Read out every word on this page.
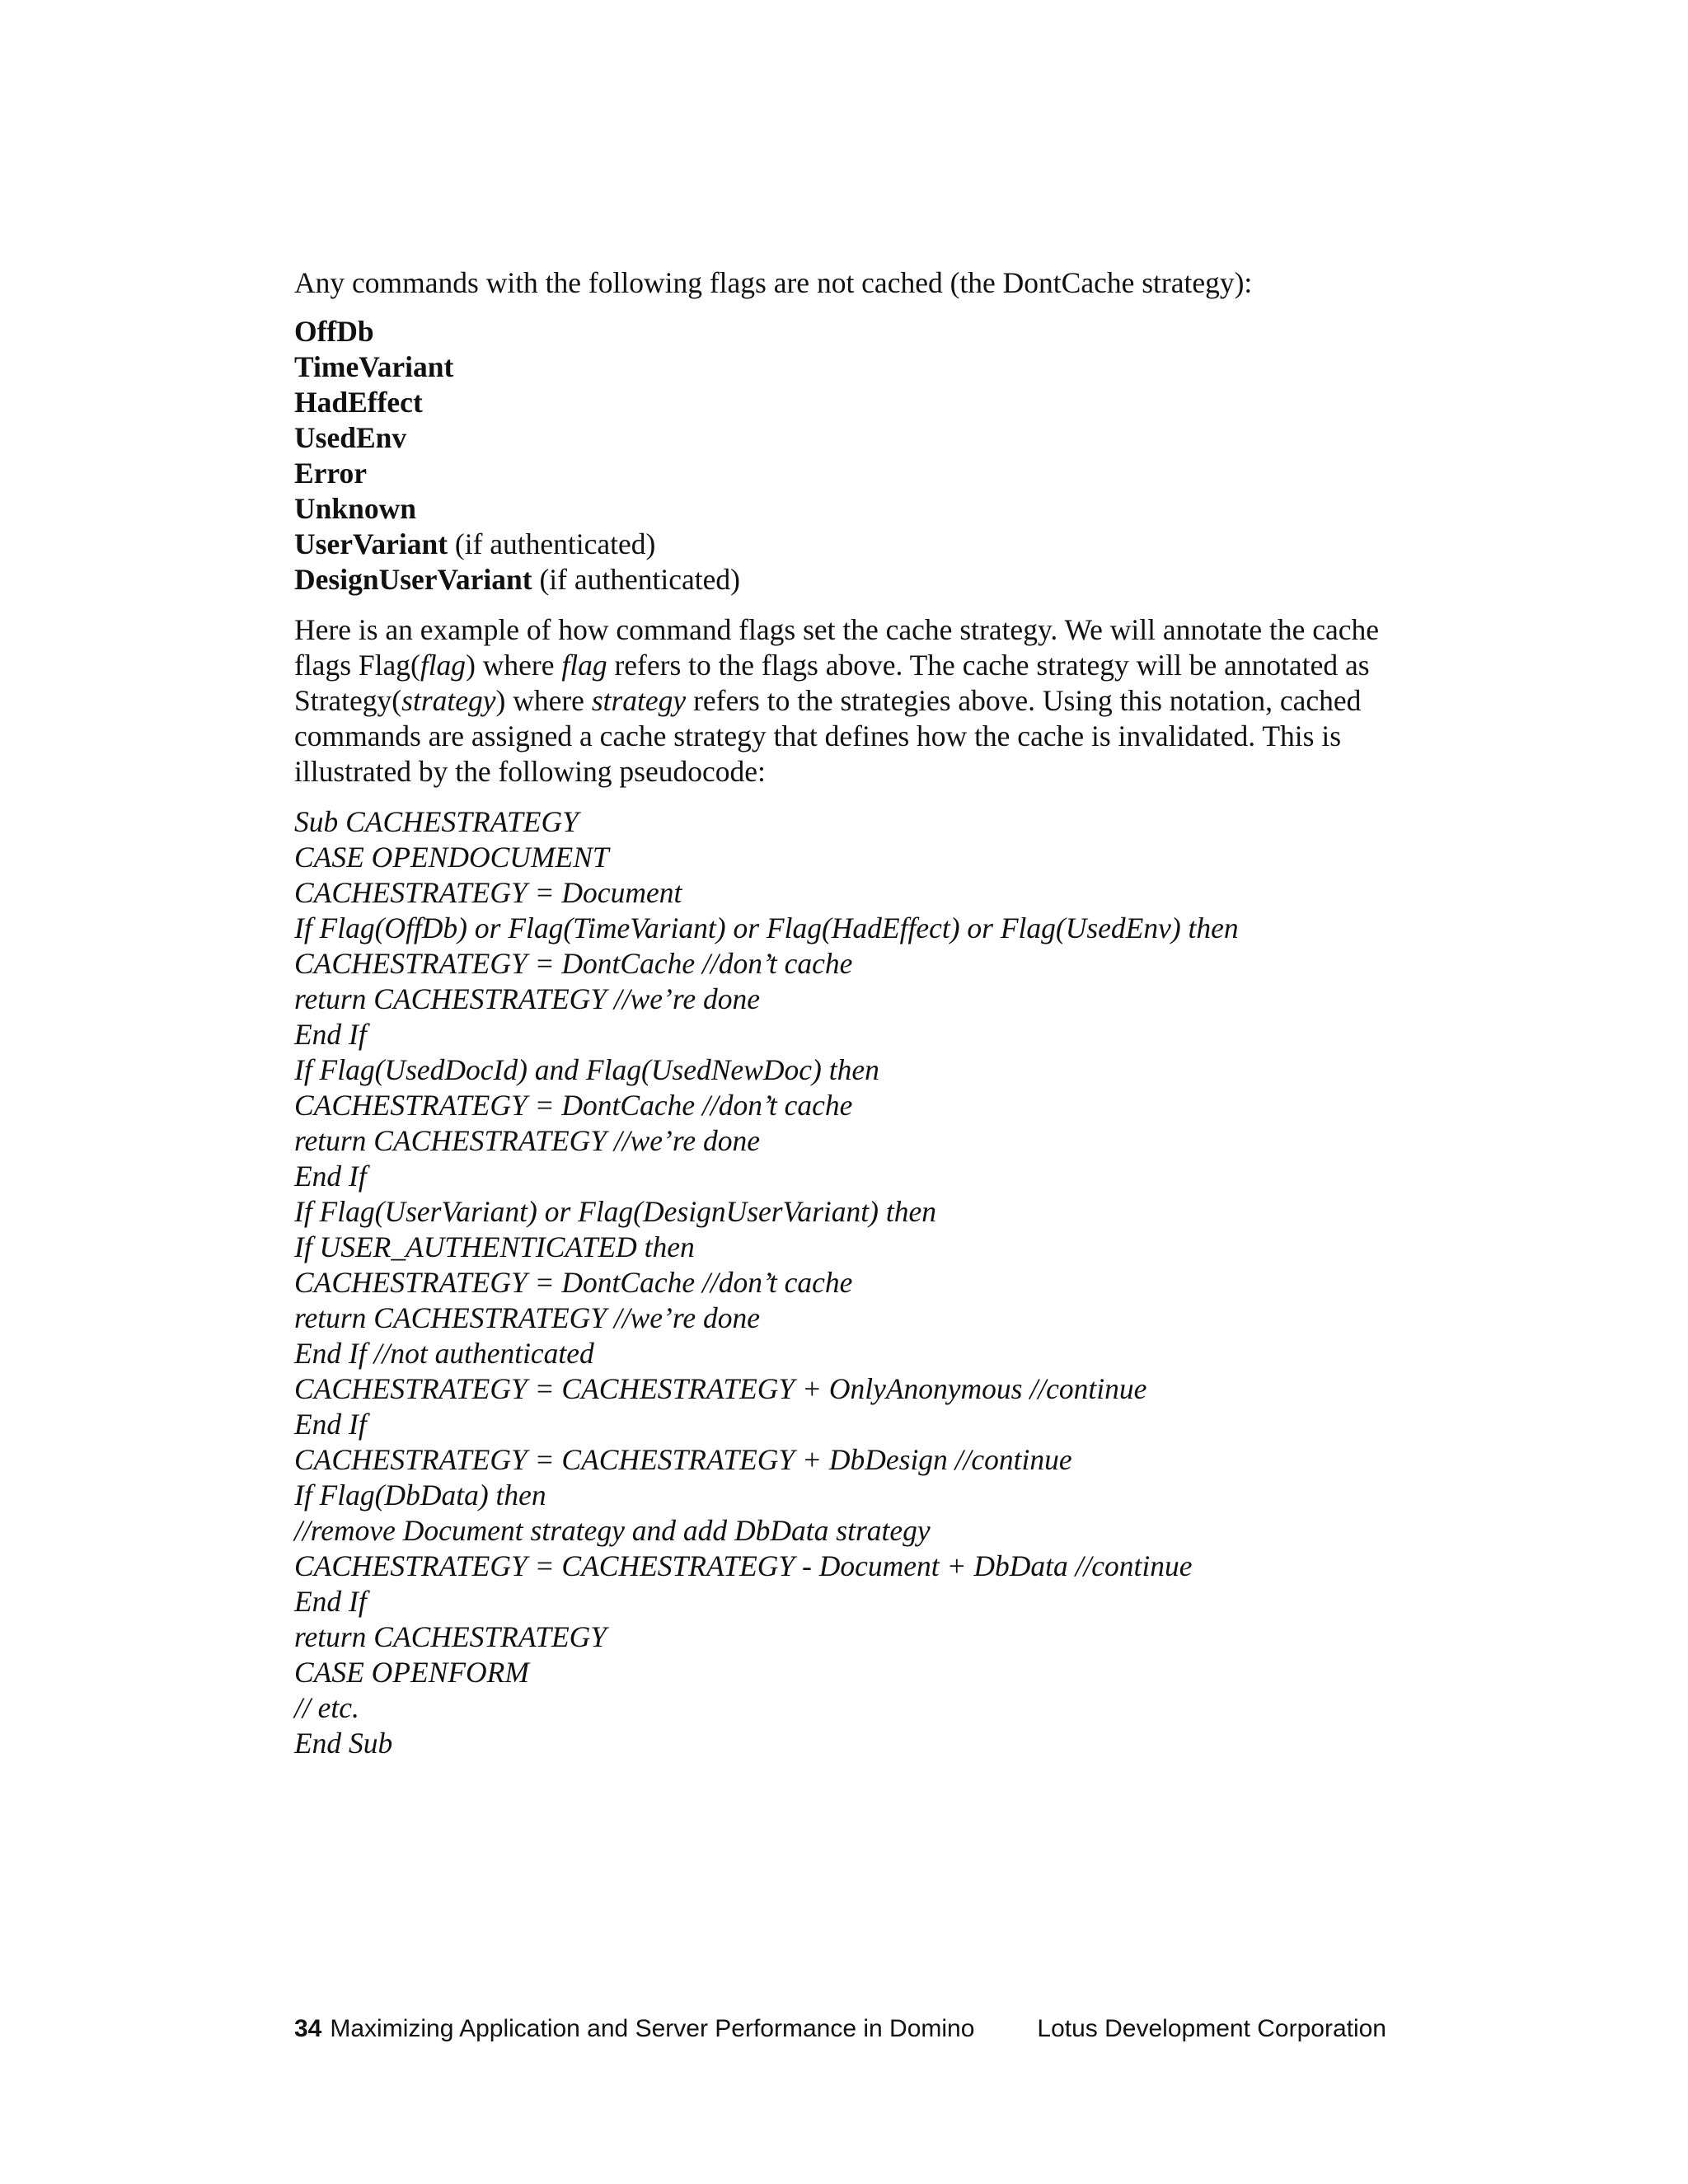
Any commands with the following flags are not cached (the DontCache strategy):

OffDb
TimeVariant
HadEffect
UsedEnv
Error
Unknown
UserVariant (if authenticated)
DesignUserVariant (if authenticated)

Here is an example of how command flags set the cache strategy. We will annotate the cache flags Flag(flag) where flag refers to the flags above. The cache strategy will be annotated as Strategy(strategy) where strategy refers to the strategies above. Using this notation, cached commands are assigned a cache strategy that defines how the cache is invalidated. This is illustrated by the following pseudocode:

Sub CACHESTRATEGY
CASE OPENDOCUMENT
CACHESTRATEGY = Document
If Flag(OffDb) or Flag(TimeVariant) or Flag(HadEffect) or Flag(UsedEnv) then
CACHESTRATEGY = DontCache //don’t cache
return CACHESTRATEGY //we’re done
End If
If Flag(UsedDocId) and Flag(UsedNewDoc) then
CACHESTRATEGY = DontCache //don’t cache
return CACHESTRATEGY //we’re done
End If
If Flag(UserVariant) or Flag(DesignUserVariant) then
If USER_AUTHENTICATED then
CACHESTRATEGY = DontCache //don’t cache
return CACHESTRATEGY //we’re done
End If //not authenticated
CACHESTRATEGY = CACHESTRATEGY + OnlyAnonymous //continue
End If
CACHESTRATEGY = CACHESTRATEGY + DbDesign //continue
If Flag(DbData) then
//remove Document strategy and add DbData strategy
CACHESTRATEGY = CACHESTRATEGY - Document + DbData //continue
End If
return CACHESTRATEGY
CASE OPENFORM
// etc.
End Sub
34 Maximizing Application and Server Performance in Domino	Lotus Development Corporation
